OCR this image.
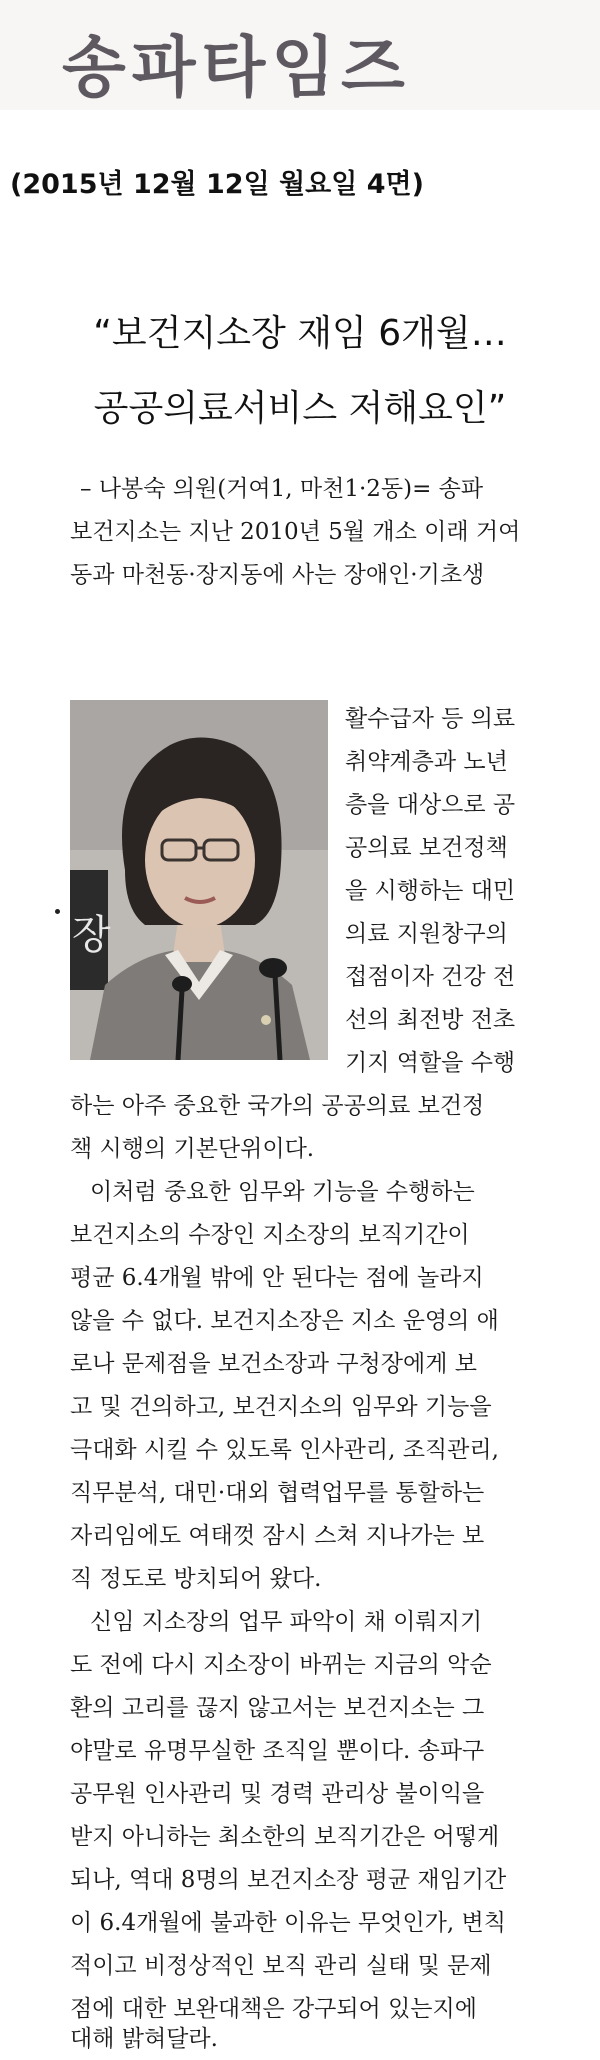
송파타임즈
(2015년 12월 12일 월요일 4면)
“보건지소장 재임 6개월…
공공의료서비스 저해요인”
장
– 나봉숙 의원(거여1, 마천1·2동)= 송파
보건지소는 지난 2010년 5월 개소 이래 거여
동과 마천동·장지동에 사는 장애인·기초생
활수급자 등 의료
취약계층과 노년
층을 대상으로 공
공의료 보건정책
을 시행하는 대민
의료 지원창구의
접점이자 건강 전
선의 최전방 전초
기지 역할을 수행
하는 아주 중요한 국가의 공공의료 보건정
책 시행의 기본단위이다.
이처럼 중요한 임무와 기능을 수행하는
보건지소의 수장인 지소장의 보직기간이
평균 6.4개월 밖에 안 된다는 점에 놀라지
않을 수 없다. 보건지소장은 지소 운영의 애
로나 문제점을 보건소장과 구청장에게 보
고 및 건의하고, 보건지소의 임무와 기능을
극대화 시킬 수 있도록 인사관리, 조직관리,
직무분석, 대민·대외 협력업무를 통할하는
자리임에도 여태껏 잠시 스쳐 지나가는 보
직 정도로 방치되어 왔다.
신임 지소장의 업무 파악이 채 이뤄지기
도 전에 다시 지소장이 바뀌는 지금의 악순
환의 고리를 끊지 않고서는 보건지소는 그
야말로 유명무실한 조직일 뿐이다. 송파구
공무원 인사관리 및 경력 관리상 불이익을
받지 아니하는 최소한의 보직기간은 어떻게
되나, 역대 8명의 보건지소장 평균 재임기간
이 6.4개월에 불과한 이유는 무엇인가, 변칙
적이고 비정상적인 보직 관리 실태 및 문제
점에 대한 보완대책은 강구되어 있는지에
대해 밝혀달라.
